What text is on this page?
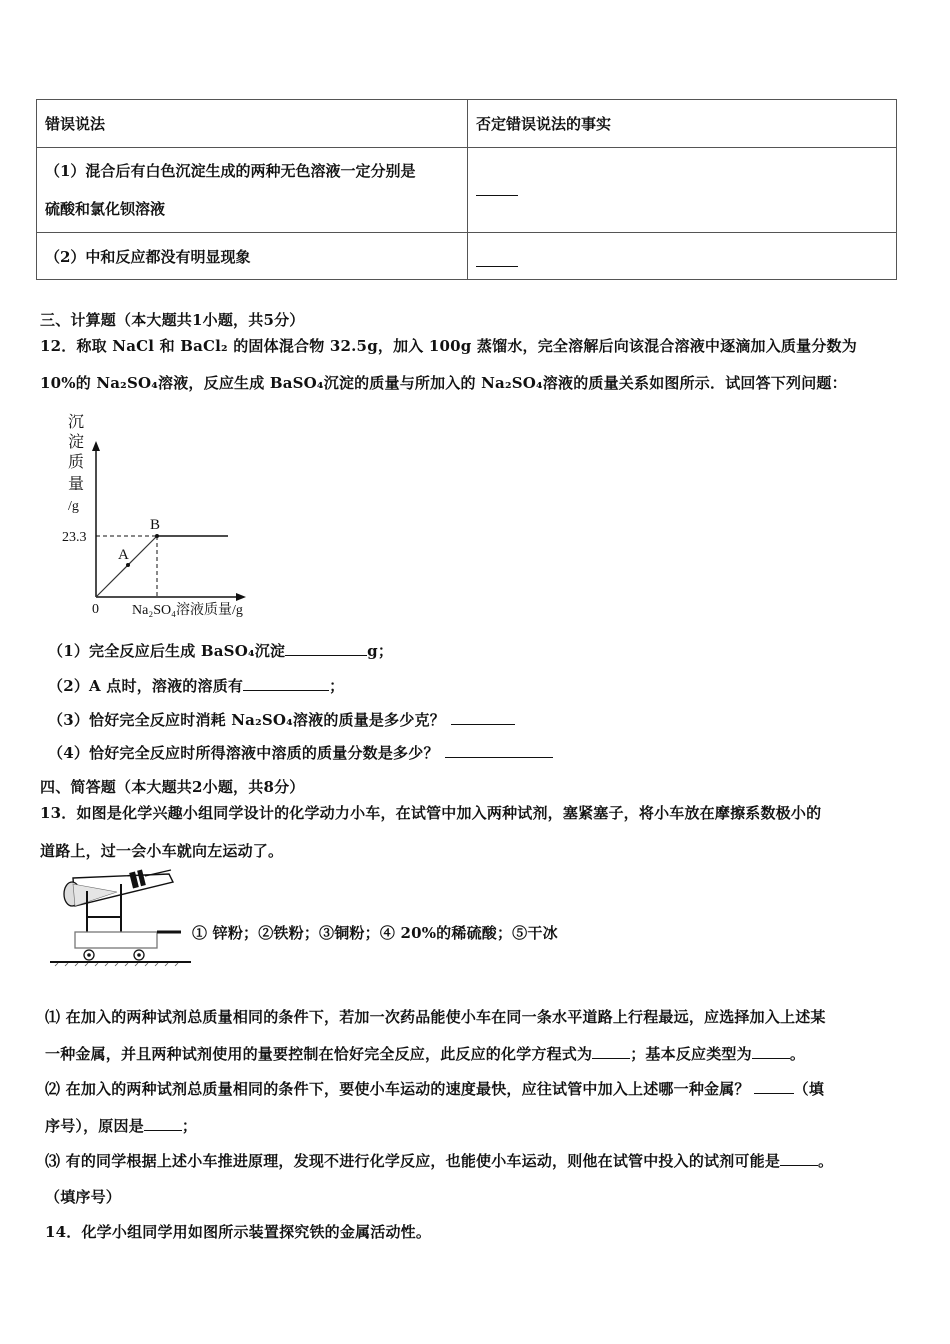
错误说法	否定错误说法的事实

（1）混合后有白色沉淀生成的两种无色溶液一定分别是
硫酸和氯化钡溶液	

（2）中和反应都没有明显现象	
三、计算题（本大题共1小题，共5分）
12．称取 NaCl 和 BaCl₂ 的固体混合物 32.5g，加入 100g 蒸馏水，完全溶解后向该混合溶液中逐滴加入质量分数为
10%的 Na₂SO₄溶液，反应生成 BaSO₄沉淀的质量与所加入的 Na₂SO₄溶液的质量关系如图所示．试回答下列问题：
沉
淀
质
量
/g
A
B
23.3
0 Na₂SO₄溶液质量/g
（1）完全反应后生成 BaSO₄沉淀	g；
（2）A 点时，溶液的溶质有	；
（3）恰好完全反应时消耗 Na₂SO₄溶液的质量是多少克？
（4）恰好完全反应时所得溶液中溶质的质量分数是多少？
四、简答题（本大题共2小题，共8分）
13．如图是化学兴趣小组同学设计的化学动力小车，在试管中加入两种试剂，塞紧塞子，将小车放在摩擦系数极小的
道路上，过一会小车就向左运动了。
① 锌粉；②铁粉；③铜粉；④ 20%的稀硫酸；⑤干冰
⑴ 在加入的两种试剂总质量相同的条件下，若加一次药品能使小车在同一条水平道路上行程最远，应选择加入上述某
一种金属，并且两种试剂使用的量要控制在恰好完全反应，此反应的化学方程式为	；基本反应类型为	。
⑵ 在加入的两种试剂总质量相同的条件下，要使小车运动的速度最快，应往试管中加入上述哪一种金属？	（填
序号），原因是	；
⑶ 有的同学根据上述小车推进原理，发现不进行化学反应，也能使小车运动，则他在试管中投入的试剂可能是	。
（填序号）
14．化学小组同学用如图所示装置探究铁的金属活动性。
